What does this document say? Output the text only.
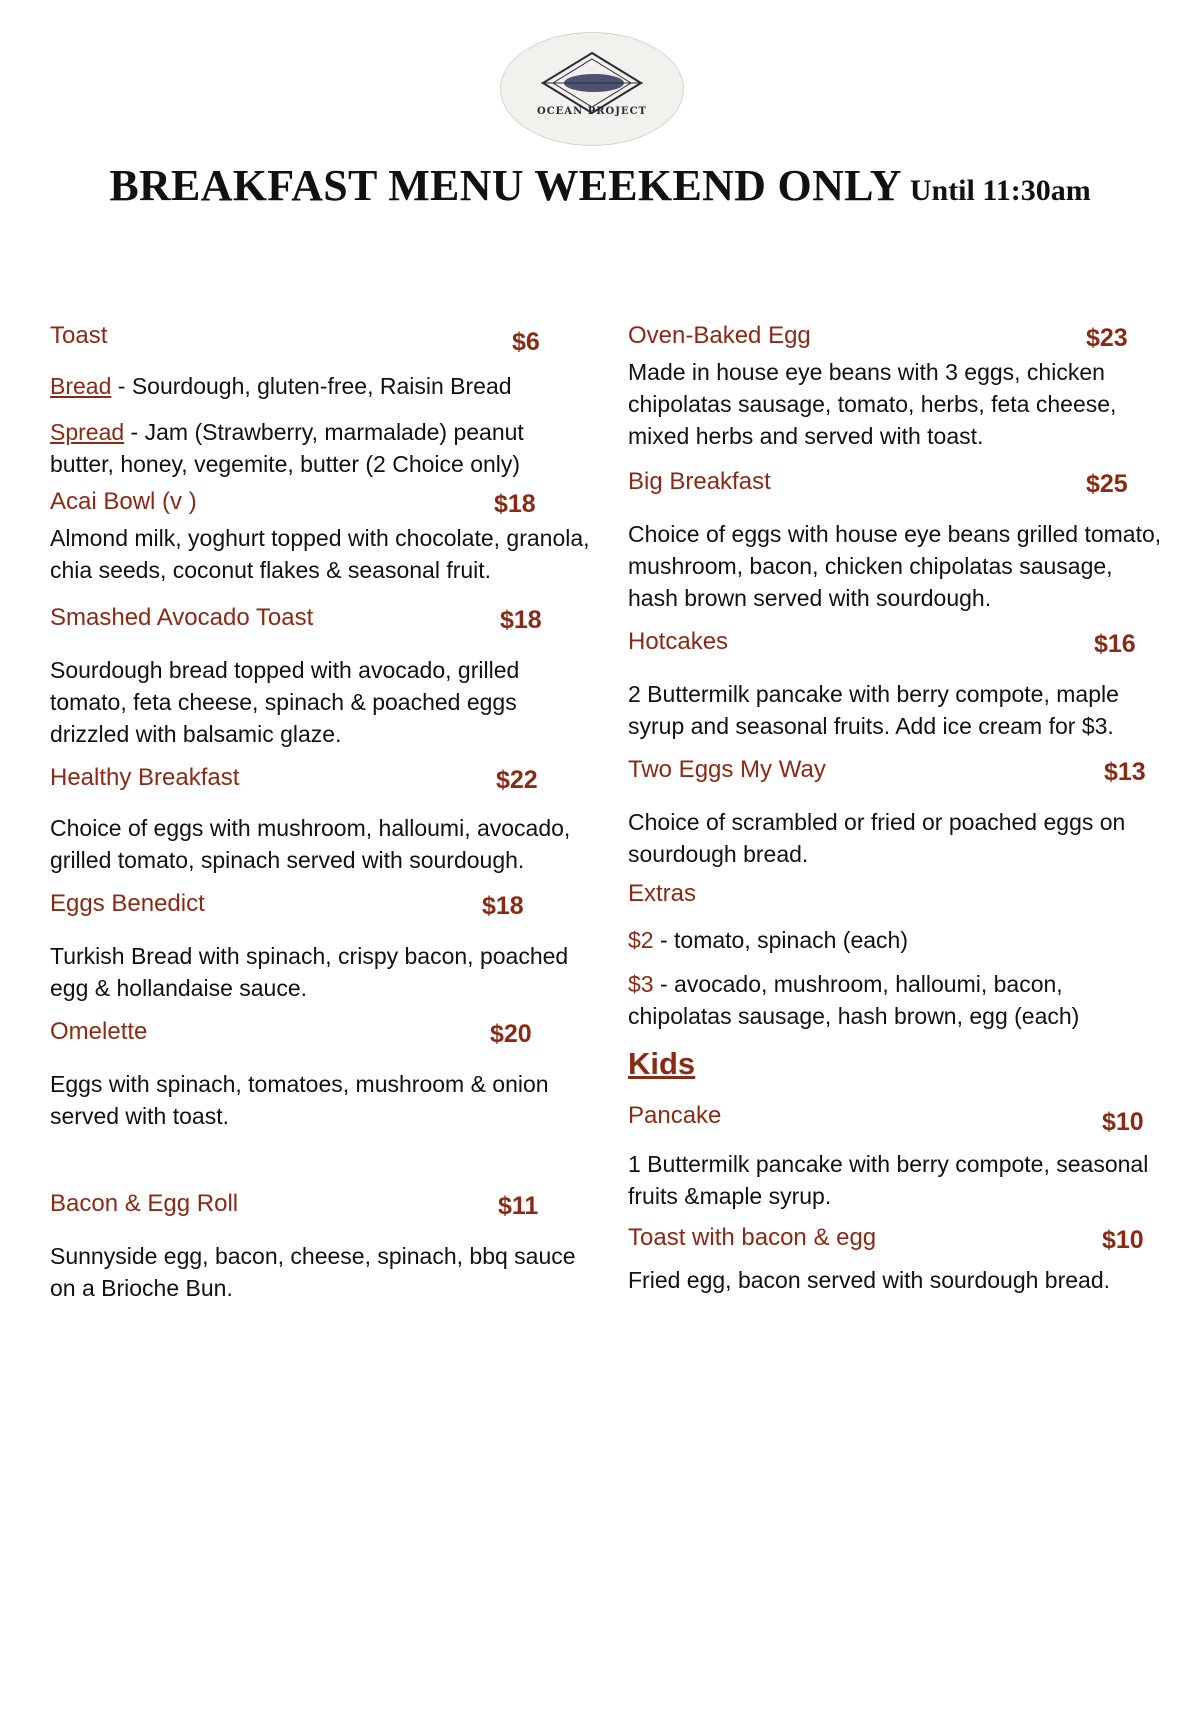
OCEAN PROJECT
BREAKFAST MENU WEEKEND ONLY Until 11:30am
Toast	$6
Bread - Sourdough, gluten-free, Raisin Bread
Spread - Jam (Strawberry, marmalade) peanut butter, honey, vegemite, butter (2 Choice only)
Acai Bowl (v )	$18
Almond milk, yoghurt topped with chocolate, granola, chia seeds, coconut flakes & seasonal fruit.
Smashed Avocado Toast	$18
Sourdough bread topped with avocado, grilled tomato, feta cheese, spinach & poached eggs drizzled with balsamic glaze.
Healthy Breakfast	$22
Choice of eggs with mushroom, halloumi, avocado, grilled tomato, spinach served with sourdough.
Eggs Benedict	$18
Turkish Bread with spinach, crispy bacon, poached egg & hollandaise sauce.
Omelette	$20
Eggs with spinach, tomatoes, mushroom & onion served with toast.
Bacon & Egg Roll	$11
Sunnyside egg, bacon, cheese, spinach, bbq sauce on a Brioche Bun.
Oven-Baked Egg	$23
Made in house eye beans with 3 eggs, chicken chipolatas sausage, tomato, herbs, feta cheese, mixed herbs and served with toast.
Big Breakfast	$25
Choice of eggs with house eye beans grilled tomato, mushroom, bacon, chicken chipolatas sausage, hash brown served with sourdough.
Hotcakes	$16
2 Buttermilk pancake with berry compote, maple syrup and seasonal fruits. Add ice cream for $3.
Two Eggs My Way	$13
Choice of scrambled or fried or poached eggs on sourdough bread.
Extras
$2 - tomato, spinach (each)
$3 - avocado, mushroom, halloumi, bacon, chipolatas sausage, hash brown, egg (each)
Kids
Pancake	$10
1 Buttermilk pancake with berry compote, seasonal fruits &maple syrup.
Toast with bacon & egg	$10
Fried egg, bacon served with sourdough bread.
